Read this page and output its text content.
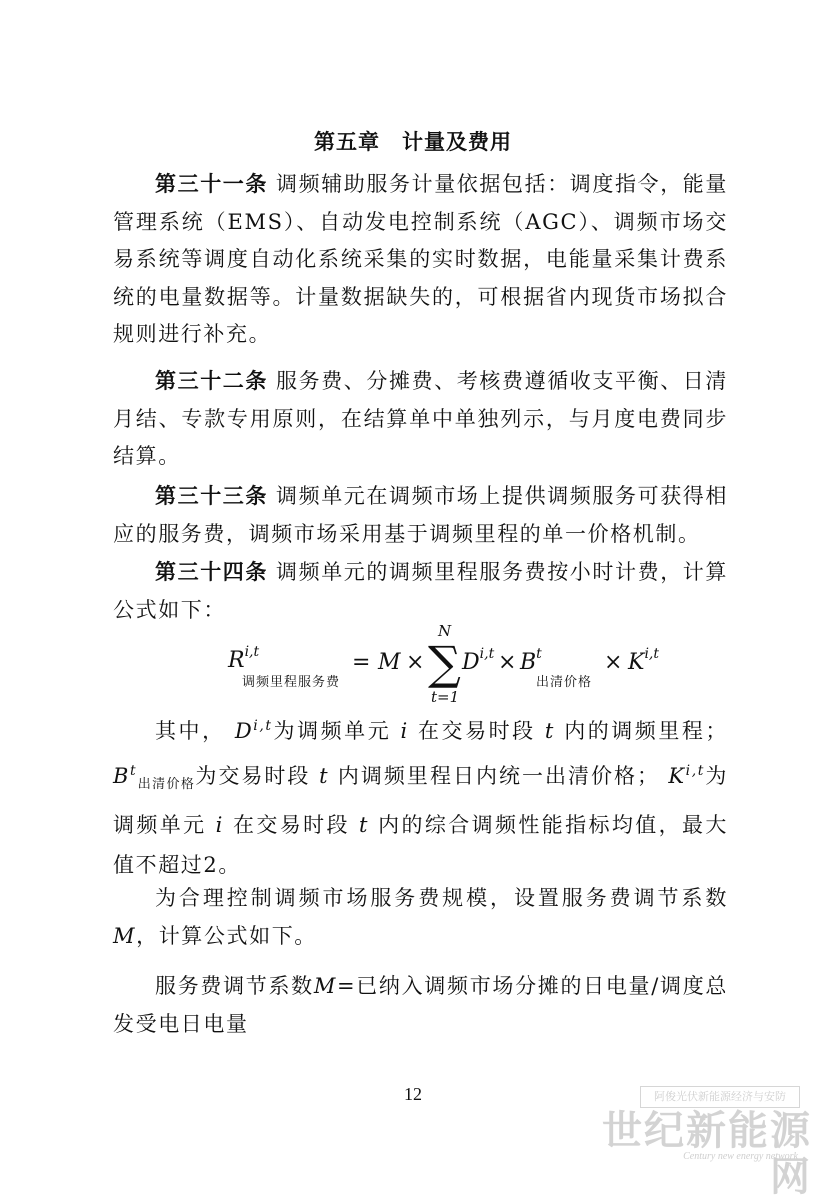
第五章　计量及费用

第三十一条 调频辅助服务计量依据包括：调度指令，能量管理系统（EMS）、自动发电控制系统（AGC）、调频市场交易系统等调度自动化系统采集的实时数据，电能量采集计费系统的电量数据等。计量数据缺失的，可根据省内现货市场拟合规则进行补充。

第三十二条 服务费、分摊费、考核费遵循收支平衡、日清月结、专款专用原则，在结算单中单独列示，与月度电费同步结算。

第三十三条 调频单元在调频市场上提供调频服务可获得相应的服务费，调频市场采用基于调频里程的单一价格机制。

第三十四条 调频单元的调频里程服务费按小时计费，计算公式如下：

R$^{i,t}$
调频里程服务费
= M ×
N
∑
t=1
$D^{i,t} \times B^t$
出清价格
× K$^{i,t}$

其中， D$^{i,t}$为调频单元 i 在交易时段 t 内的调频里程； $B^t_{出清价格}$为交易时段 t 内调频里程日内统一出清价格； K$^{i,t}$为调频单元 i 在交易时段 t 内的综合调频性能指标均值，最大值不超过2。

为合理控制调频市场服务费规模，设置服务费调节系数M，计算公式如下。

服务费调节系数M=已纳入调频市场分摊的日电量/调度总发受电日电量

12	阿俊光伏新能源经济与安防
世纪新能源网
Century new energy network
